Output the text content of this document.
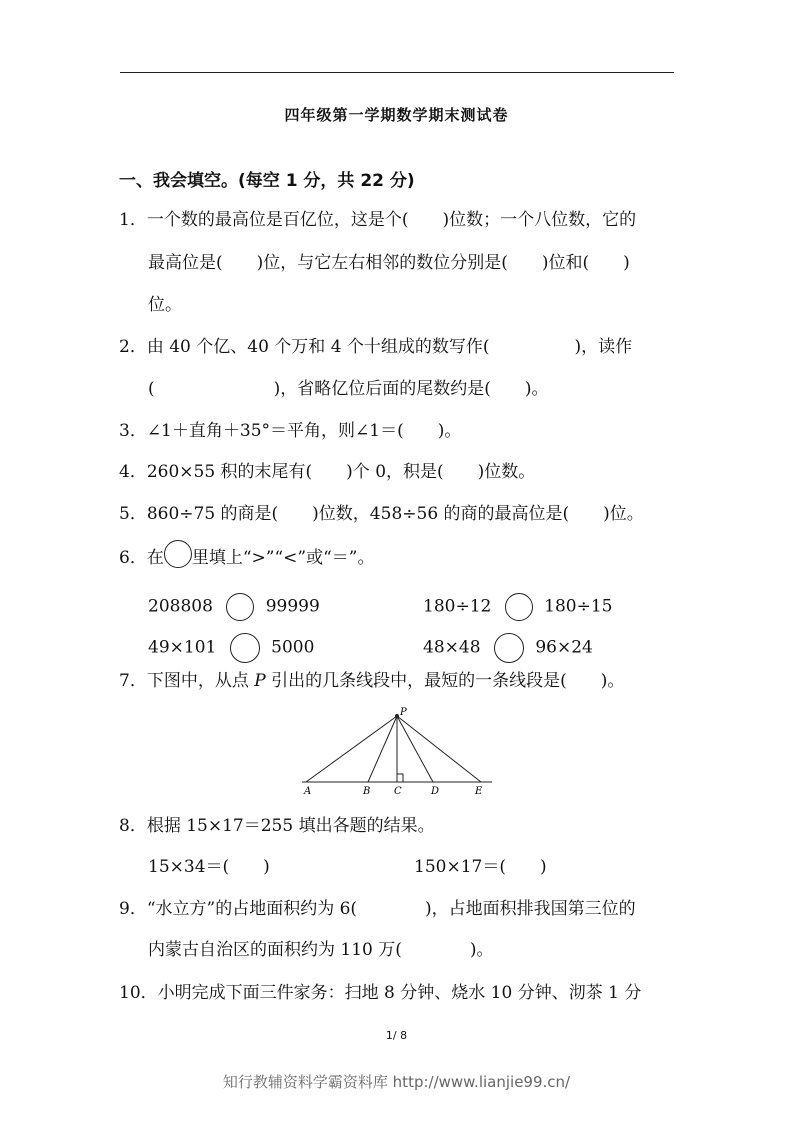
四年级第一学期数学期末测试卷
一、我会填空。(每空 1 分，共 22 分)
1．一个数的最高位是百亿位，这是个(　　)位数；一个八位数，它的
最高位是(　　)位，与它左右相邻的数位分别是(　　)位和(　　)
位。
2．由 40 个亿、40 个万和 4 个十组成的数写作(　　　　　)，读作
(　　　　　　　)，省略亿位后面的尾数约是(　　)。
3．∠1＋直角＋35°＝平角，则∠1＝(　　)。
4．260×55 积的末尾有(　　)个 0，积是(　　)位数。
5．860÷75 的商是(　　)位数，458÷56 的商的最高位是(　　)位。
6．在 里填上“>”“<”或“＝”。
208808	99999	180÷12	180÷15
49×101	5000	48×48	96×24
7．下图中，从点 P 引出的几条线段中，最短的一条线段是(　　)。
P
A	B C	D	E
8．根据 15×17＝255 填出各题的结果。
15×34＝(　　)	150×17＝(　　)
9．“水立方”的占地面积约为 6(　　　　)，占地面积排我国第三位的
内蒙古自治区的面积约为 110 万(　　　　)。
10．小明完成下面三件家务：扫地 8 分钟、烧水 10 分钟、沏茶 1 分
1/ 8
知行教辅资料学霸资料库 http://www.lianjie99.cn/
